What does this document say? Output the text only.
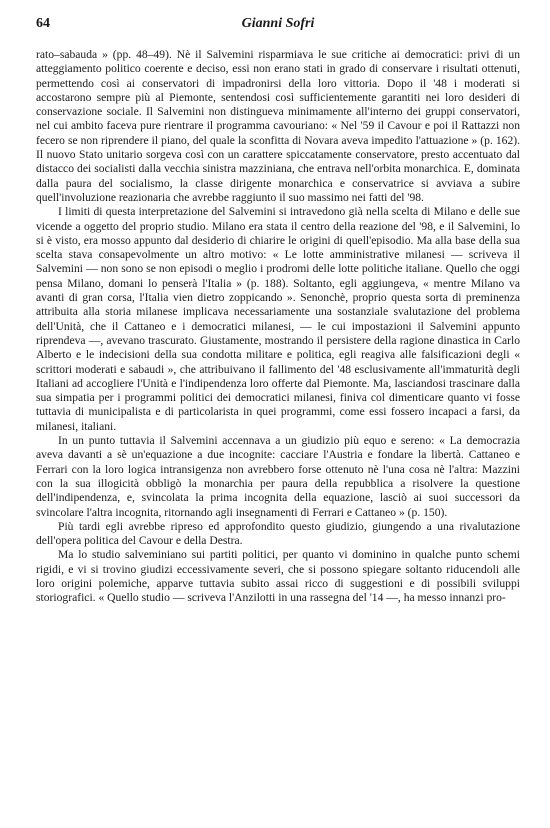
64	Gianni Sofri

rato–sabauda » (pp. 48–49). Nè il Salvemini risparmiava le sue critiche ai democratici: privi di un atteggiamento politico coerente e deciso, essi non erano stati in grado di conservare i risultati ottenuti, permettendo così ai conservatori di impadronirsi della loro vittoria. Dopo il '48 i moderati si accostarono sempre più al Piemonte, sentendosi così sufficientemente garantiti nei loro desideri di conservazione sociale. Il Salvemini non distingueva minimamente all'interno dei gruppi conservatori, nel cui ambito faceva pure rientrare il programma cavouriano: « Nel '59 il Cavour e poi il Rattazzi non fecero se non riprendere il piano, del quale la sconfitta di Novara aveva impedito l'attuazione » (p. 162). Il nuovo Stato unitario sorgeva così con un carattere spiccatamente conservatore, presto accentuato dal distacco dei socialisti dalla vecchia sinistra mazziniana, che entrava nell'orbita monarchica. E, dominata dalla paura del socialismo, la classe dirigente monarchica e conservatrice si avviava a subire quell'involuzione reazionaria che avrebbe raggiunto il suo massimo nei fatti del '98.

I limiti di questa interpretazione del Salvemini si intravedono già nella scelta di Milano e delle sue vicende a oggetto del proprio studio. Milano era stata il centro della reazione del '98, e il Salvemini, lo si è visto, era mosso appunto dal desiderio di chiarire le origini di quell'episodio. Ma alla base della sua scelta stava consapevolmente un altro motivo: « Le lotte amministrative milanesi — scriveva il Salvemini — non sono se non episodi o meglio i prodromi delle lotte politiche italiane. Quello che oggi pensa Milano, domani lo penserà l'Italia » (p. 188). Soltanto, egli aggiungeva, « mentre Milano va avanti di gran corsa, l'Italia vien dietro zoppicando ». Senonchè, proprio questa sorta di preminenza attribuita alla storia milanese implicava necessariamente una sostanziale svalutazione del problema dell'Unità, che il Cattaneo e i democratici milanesi, — le cui impostazioni il Salvemini appunto riprendeva —, avevano trascurato. Giustamente, mostrando il persistere della ragione dinastica in Carlo Alberto e le indecisioni della sua condotta militare e politica, egli reagiva alle falsificazioni degli « scrittori moderati e sabaudi », che attribuivano il fallimento del '48 esclusivamente all'immaturità degli Italiani ad accogliere l'Unità e l'indipendenza loro offerte dal Piemonte. Ma, lasciandosi trascinare dalla sua simpatia per i programmi politici dei democratici milanesi, finiva col dimenticare quanto vi fosse tuttavia di municipalista e di particolarista in quei programmi, come essi fossero incapaci a farsi, da milanesi, italiani.

In un punto tuttavia il Salvemini accennava a un giudizio più equo e sereno: « La democrazia aveva davanti a sè un'equazione a due incognite: cacciare l'Austria e fondare la libertà. Cattaneo e Ferrari con la loro logica intransigenza non avrebbero forse ottenuto nè l'una cosa nè l'altra: Mazzini con la sua illogicità obbligò la monarchia per paura della repubblica a risolvere la questione dell'indipendenza, e, svincolata la prima incognita della equazione, lasciò ai suoi successori da svincolare l'altra incognita, ritornando agli insegnamenti di Ferrari e Cattaneo » (p. 150).

Più tardi egli avrebbe ripreso ed approfondito questo giudizio, giungendo a una rivalutazione dell'opera politica del Cavour e della Destra.

Ma lo studio salveminiano sui partiti politici, per quanto vi dominino in qualche punto schemi rigidi, e vi si trovino giudizi eccessivamente severi, che si possono spiegare soltanto riducendoli alle loro origini polemiche, apparve tuttavia subito assai ricco di suggestioni e di possibili sviluppi storiografici. « Quello studio — scriveva l'Anzilotti in una rassegna del '14 —, ha messo innanzi pro-
